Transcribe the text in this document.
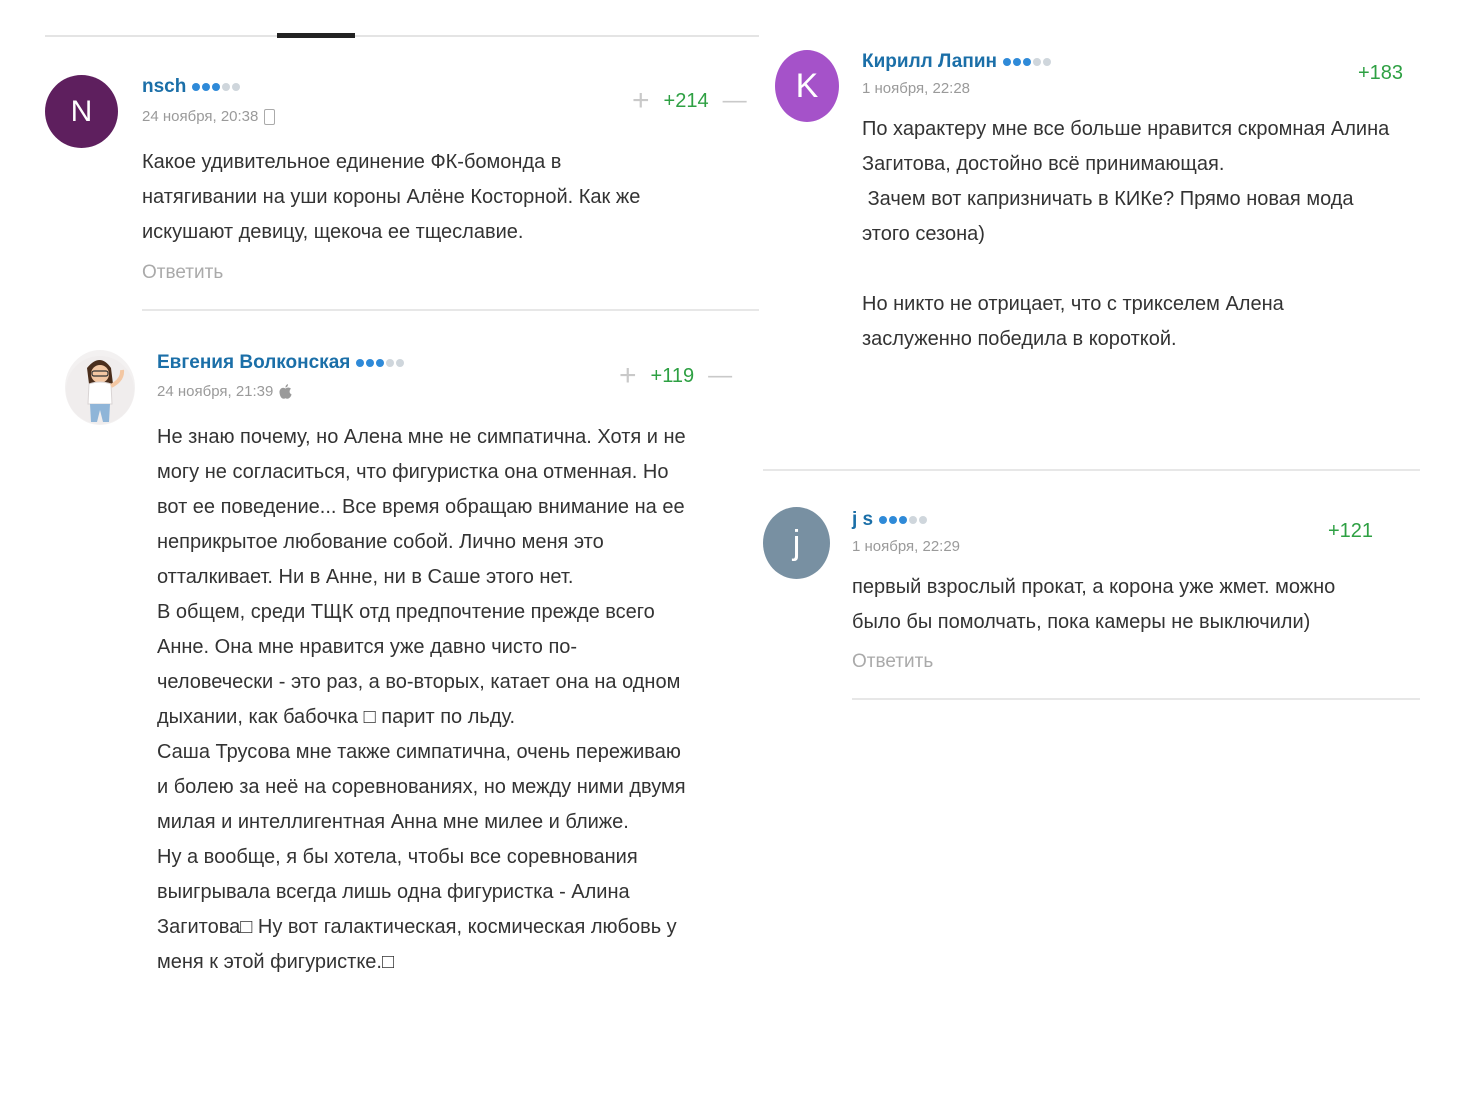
N
nsch
24 ноября, 20:38	+ +214 —
Какое удивительное единение ФК-бомонда в
натягивании на уши короны Алёне Косторной. Как же
искушают девицу, щекоча ее тщеславие.
Ответить
Евгения Волконская
24 ноября, 21:39	+ +119 —
Не знаю почему, но Алена мне не симпатична. Хотя и не
могу не согласиться, что фигуристка она отменная. Но
вот ее поведение... Все время обращаю внимание на ее
неприкрытое любование собой. Лично меня это
отталкивает. Ни в Анне, ни в Саше этого нет.
В общем, среди ТЩК отд предпочтение прежде всего
Анне. Она мне нравится уже давно чисто по-
человечески - это раз, а во-вторых, катает она на одном
дыхании, как бабочка □ парит по льду.
Саша Трусова мне также симпатична, очень переживаю
и болею за неё на соревнованиях, но между ними двумя
милая и интеллигентная Анна мне милее и ближе.
Ну а вообще, я бы хотела, чтобы все соревнования
выигрывала всегда лишь одна фигуристка - Алина
Загитова□ Ну вот галактическая, космическая любовь у
меня к этой фигуристке.□
K
Кирилл Лапин
1 ноября, 22:28
+183
По характеру мне все больше нравится скромная Алина
Загитова, достойно всё принимающая.
Зачем вот капризничать в КИКе? Прямо новая мода
этого сезона)

Но никто не отрицает, что с трикселем Алена
заслуженно победила в короткой.
j
j s
1 ноября, 22:29
+121
первый взрослый прокат, а корона уже жмет. можно
было бы помолчать, пока камеры не выключили)
Ответить
